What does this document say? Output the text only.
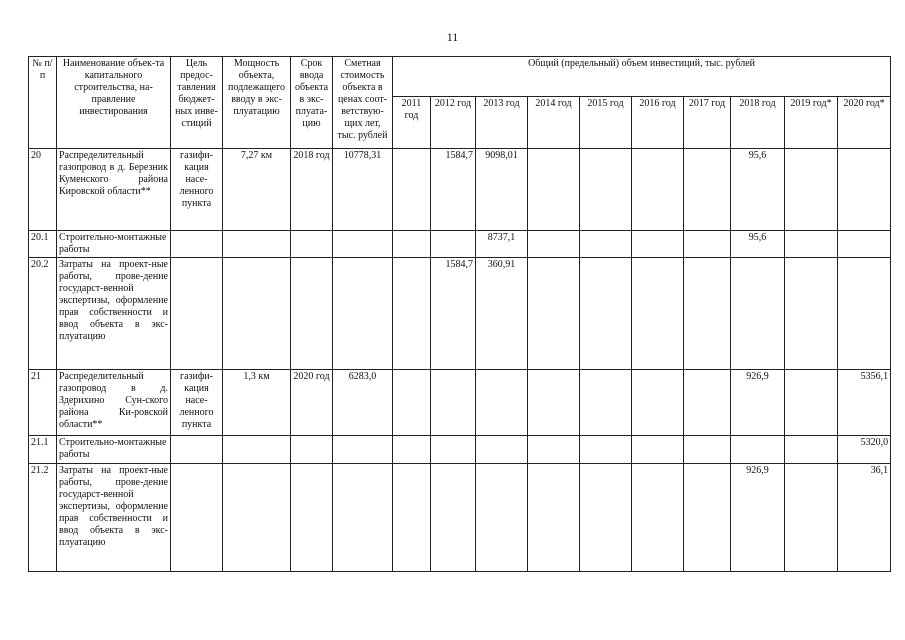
11
№ п/п	Наименование объек-та капитального строительства, на-правление инвестирования	Цель предос-тавления бюджет-ных инве-стиций	Мощность объекта, подлежащего вводу в экс-плуатацию	Срок ввода объекта в экс-плуата-цию	Сметная стоимость объекта в ценах соот-ветствую-щих лет, тыс. рублей	Общий (предельный) объем инвестиций, тыс. рублей									
						2011 год	2012 год	2013 год	2014 год	2015 год	2016 год	2017 год	2018 год	2019 год*	2020 год*
20	Распределительный газопровод в д. Березник Куменского района Кировской области**	газифи-кация насе-ленного пункта	7,27 км	2018 год	10778,31		1584,7	9098,01					95,6		
20.1	Строительно-монтажные работы							8737,1					95,6		
20.2	Затраты на проект-ные работы, прове-дение государст-венной экспертизы, оформление прав собственности и ввод объекта в экс-плуатацию						1584,7	360,91							
21	Распределительный газопровод в д. Здерихино Сун-ского района Ки-ровской области**	газифи-кация насе-ленного пункта	1,3 км	2020 год	6283,0								926,9		5356,1
21.1	Строительно-монтажные работы														5320,0
21.2	Затраты на проект-ные работы, прове-дение государст-венной экспертизы, оформление прав собственности и ввод объекта в экс-плуатацию												926,9		36,1
